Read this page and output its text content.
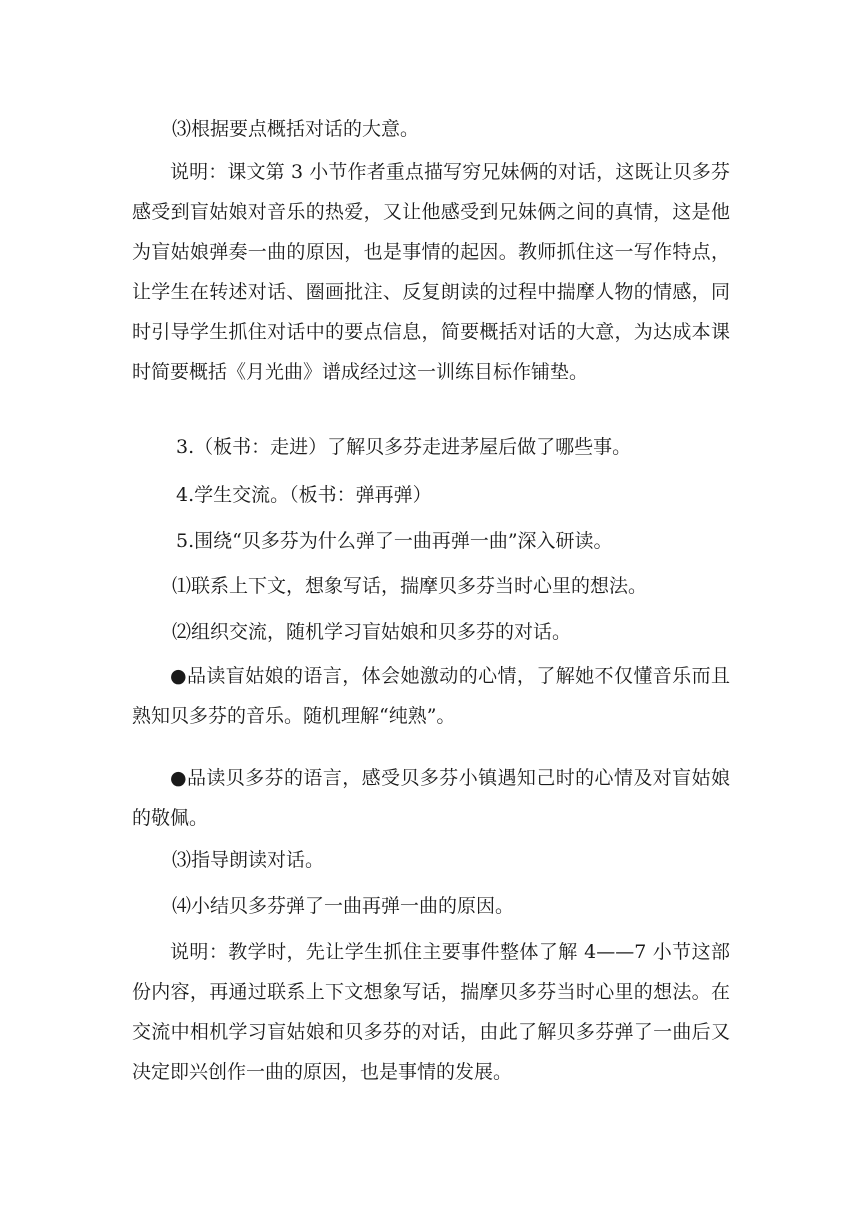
⑶根据要点概括对话的大意。

说明：课文第 3 小节作者重点描写穷兄妹俩的对话，这既让贝多芬感受到盲姑娘对音乐的热爱，又让他感受到兄妹俩之间的真情，这是他为盲姑娘弹奏一曲的原因，也是事情的起因。教师抓住这一写作特点，让学生在转述对话、圈画批注、反复朗读的过程中揣摩人物的情感，同时引导学生抓住对话中的要点信息，简要概括对话的大意，为达成本课时简要概括《月光曲》谱成经过这一训练目标作铺垫。

3.（板书：走进）了解贝多芬走进茅屋后做了哪些事。

4.学生交流。（板书：弹再弹）

5.围绕“贝多芬为什么弹了一曲再弹一曲”深入研读。

⑴联系上下文，想象写话，揣摩贝多芬当时心里的想法。

⑵组织交流，随机学习盲姑娘和贝多芬的对话。

●品读盲姑娘的语言，体会她激动的心情，了解她不仅懂音乐而且熟知贝多芬的音乐。随机理解“纯熟”。

●品读贝多芬的语言，感受贝多芬小镇遇知己时的心情及对盲姑娘的敬佩。

⑶指导朗读对话。

⑷小结贝多芬弹了一曲再弹一曲的原因。

说明：教学时，先让学生抓住主要事件整体了解 4——7 小节这部份内容，再通过联系上下文想象写话，揣摩贝多芬当时心里的想法。在交流中相机学习盲姑娘和贝多芬的对话，由此了解贝多芬弹了一曲后又决定即兴创作一曲的原因，也是事情的发展。
